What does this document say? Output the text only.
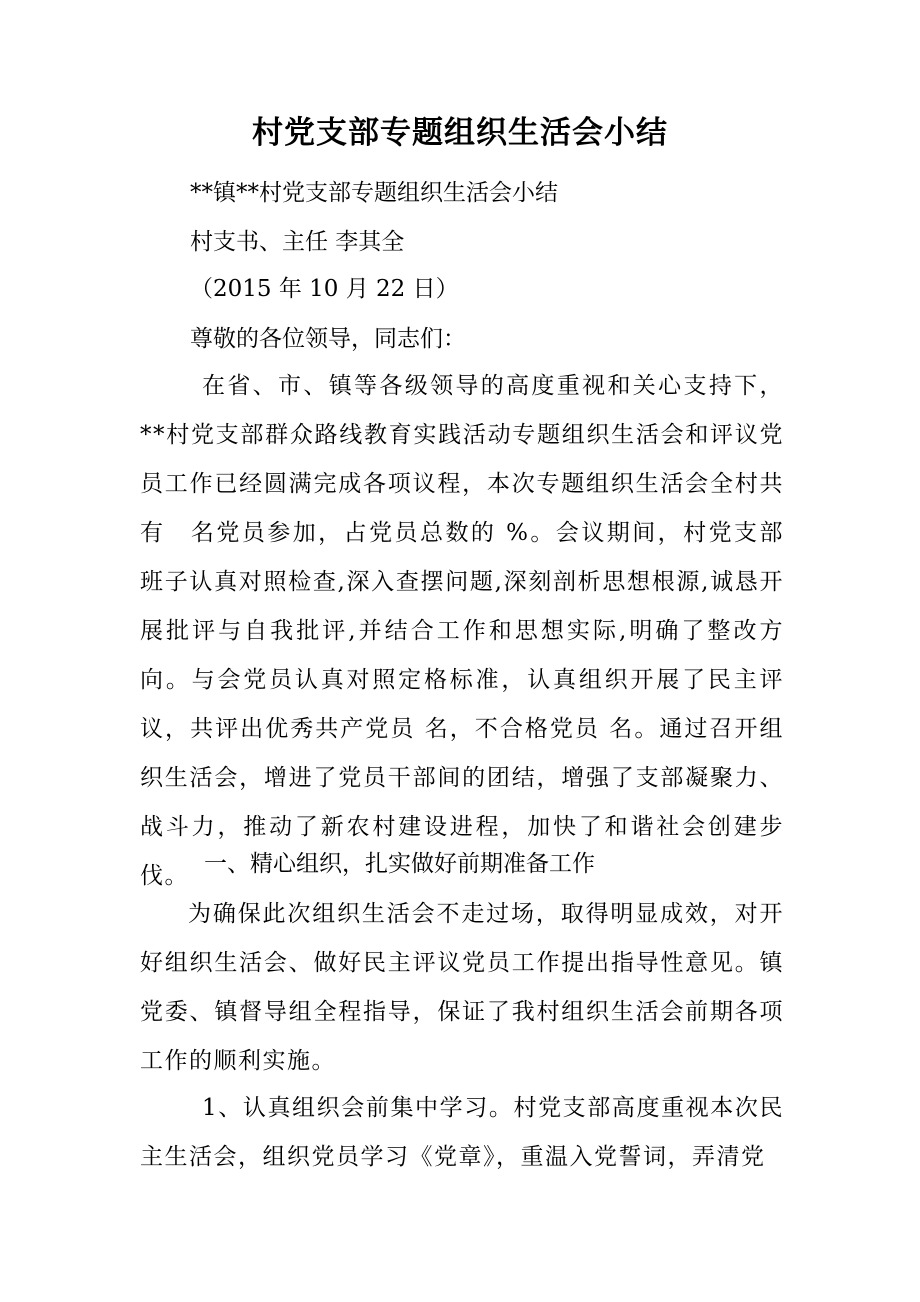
村党支部专题组织生活会小结
**镇**村党支部专题组织生活会小结
村支书、主任 李其全
（2015 年 10 月 22 日）
尊敬的各位领导，同志们：
在省、市、镇等各级领导的高度重视和关心支持下，**村党支部群众路线教育实践活动专题组织生活会和评议党员工作已经圆满完成各项议程，本次专题组织生活会全村共有　名党员参加，占党员总数的 %。会议期间，村党支部班子认真对照检查,深入查摆问题,深刻剖析思想根源,诚恳开展批评与自我批评,并结合工作和思想实际,明确了整改方向。与会党员认真对照定格标准，认真组织开展了民主评议，共评出优秀共产党员 名，不合格党员 名。通过召开组织生活会，增进了党员干部间的团结，增强了支部凝聚力、战斗力，推动了新农村建设进程，加快了和谐社会创建步伐。 一、精心组织，扎实做好前期准备工作
为确保此次组织生活会不走过场，取得明显成效，对开好组织生活会、做好民主评议党员工作提出指导性意见。镇党委、镇督导组全程指导，保证了我村组织生活会前期各项工作的顺利实施。
1、认真组织会前集中学习。村党支部高度重视本次民主生活会，组织党员学习《党章》，重温入党誓词，弄清党
